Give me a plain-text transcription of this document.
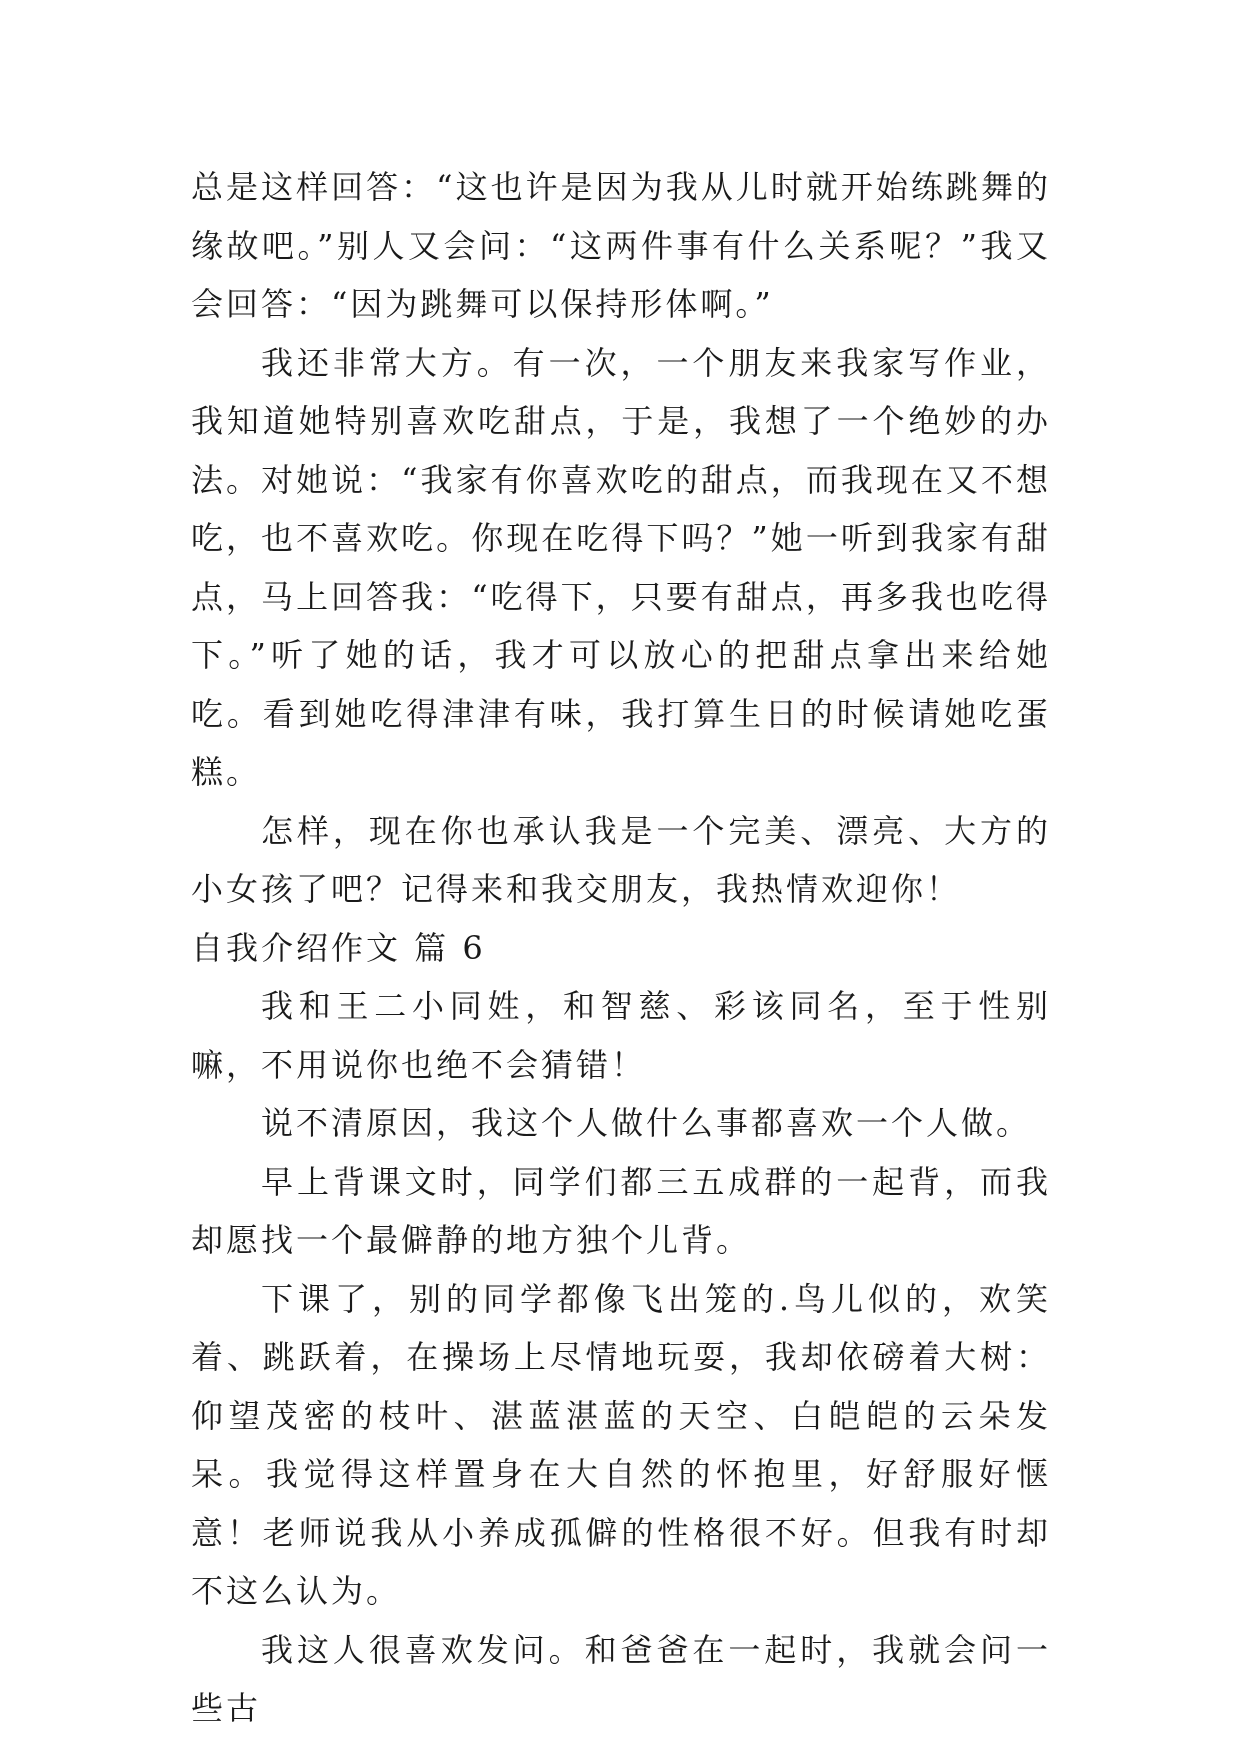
总是这样回答：“这也许是因为我从儿时就开始练跳舞的缘故吧。”别人又会问：“这两件事有什么关系呢？”我又会回答：“因为跳舞可以保持形体啊。”

我还非常大方。有一次，一个朋友来我家写作业，我知道她特别喜欢吃甜点，于是，我想了一个绝妙的办法。对她说：“我家有你喜欢吃的甜点，而我现在又不想吃，也不喜欢吃。你现在吃得下吗？”她一听到我家有甜点，马上回答我：“吃得下，只要有甜点，再多我也吃得下。”听了她的话，我才可以放心的把甜点拿出来给她吃。看到她吃得津津有味，我打算生日的时候请她吃蛋糕。

怎样，现在你也承认我是一个完美、漂亮、大方的小女孩了吧？记得来和我交朋友，我热情欢迎你！

自我介绍作文 篇 6

我和王二小同姓，和智慈、彩该同名，至于性别嘛，不用说你也绝不会猜错！

说不清原因，我这个人做什么事都喜欢一个人做。

早上背课文时，同学们都三五成群的一起背，而我却愿找一个最僻静的地方独个儿背。

下课了，别的同学都像飞出笼的.鸟儿似的，欢笑着、跳跃着，在操场上尽情地玩耍，我却依磅着大树：仰望茂密的枝叶、湛蓝湛蓝的天空、白皑皑的云朵发呆。我觉得这样置身在大自然的怀抱里，好舒服好惬意！老师说我从小养成孤僻的性格很不好。但我有时却不这么认为。

我这人很喜欢发问。和爸爸在一起时，我就会问一些古
